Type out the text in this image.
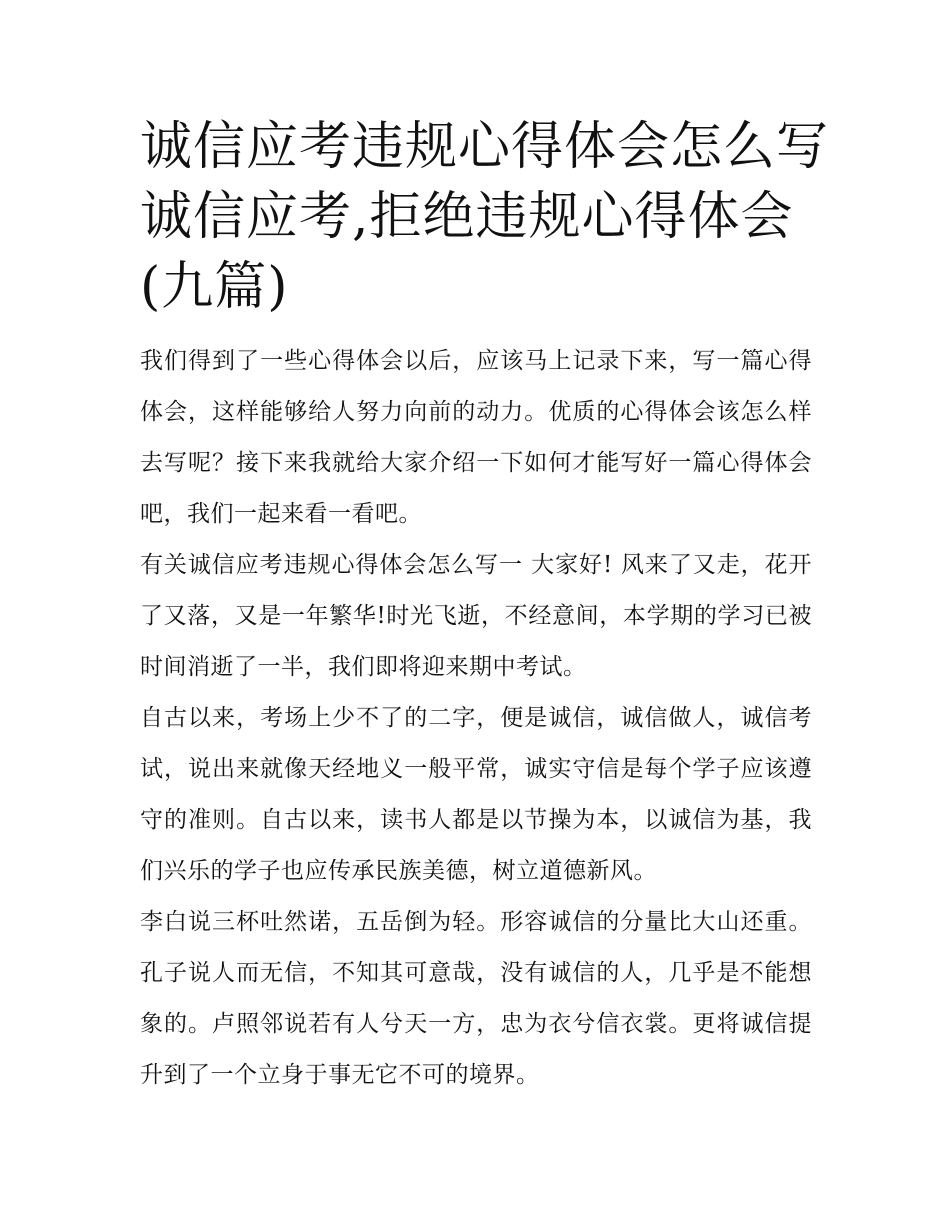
诚信应考违规心得体会怎么写
诚信应考,拒绝违规心得体会
(九篇)

我们得到了一些心得体会以后，应该马上记录下来，写一篇心得体会，这样能够给人努力向前的动力。优质的心得体会该怎么样去写呢？接下来我就给大家介绍一下如何才能写好一篇心得体会吧，我们一起来看一看吧。

有关诚信应考违规心得体会怎么写一 大家好! 风来了又走，花开了又落，又是一年繁华!时光飞逝，不经意间，本学期的学习已被时间消逝了一半，我们即将迎来期中考试。

自古以来，考场上少不了的二字，便是诚信，诚信做人，诚信考试，说出来就像天经地义一般平常，诚实守信是每个学子应该遵守的准则。自古以来，读书人都是以节操为本，以诚信为基，我们兴乐的学子也应传承民族美德，树立道德新风。

李白说三杯吐然诺，五岳倒为轻。形容诚信的分量比大山还重。孔子说人而无信，不知其可意哉，没有诚信的人，几乎是不能想象的。卢照邻说若有人兮天一方，忠为衣兮信衣裳。更将诚信提升到了一个立身于事无它不可的境界。
